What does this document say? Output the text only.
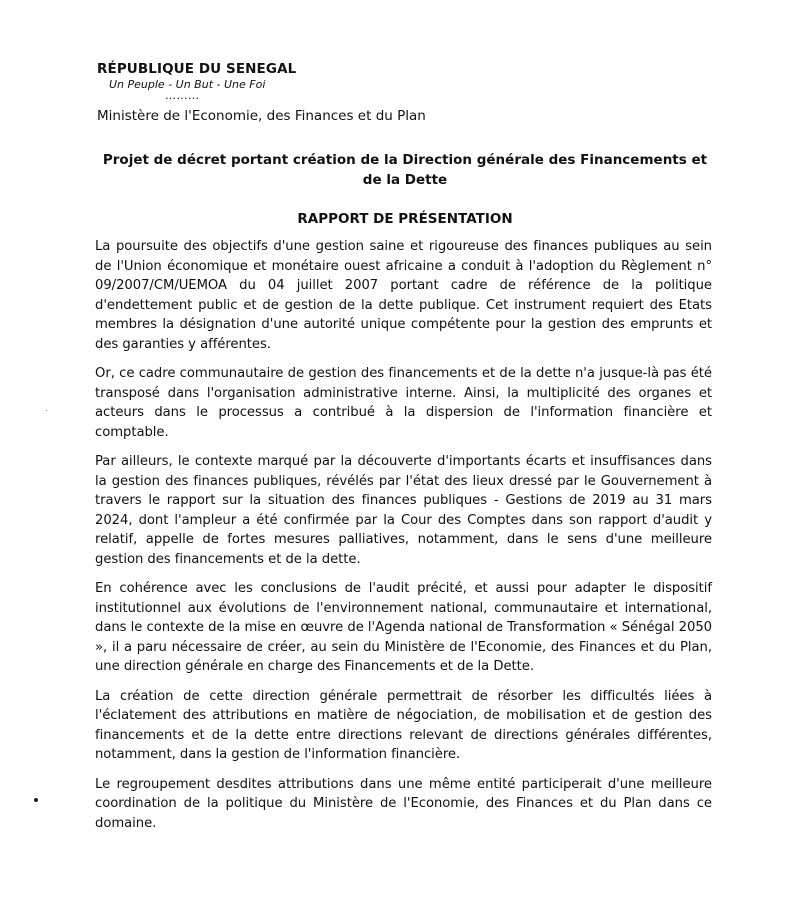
RÉPUBLIQUE DU SENEGAL
Un Peuple - Un But - Une Foi
………
Ministère de l'Economie, des Finances et du Plan
Projet de décret portant création de la Direction générale des Financements et de la Dette
RAPPORT DE PRÉSENTATION

La poursuite des objectifs d'une gestion saine et rigoureuse des finances publiques au sein de l'Union économique et monétaire ouest africaine a conduit à l'adoption du Règlement n° 09/2007/CM/UEMOA du 04 juillet 2007 portant cadre de référence de la politique d'endettement public et de gestion de la dette publique. Cet instrument requiert des Etats membres la désignation d'une autorité unique compétente pour la gestion des emprunts et des garanties y afférentes.

Or, ce cadre communautaire de gestion des financements et de la dette n'a jusque-là pas été transposé dans l'organisation administrative interne. Ainsi, la multiplicité des organes et acteurs dans le processus a contribué à la dispersion de l'information financière et comptable.

Par ailleurs, le contexte marqué par la découverte d'importants écarts et insuffisances dans la gestion des finances publiques, révélés par l'état des lieux dressé par le Gouvernement à travers le rapport sur la situation des finances publiques - Gestions de 2019 au 31 mars 2024, dont l'ampleur a été confirmée par la Cour des Comptes dans son rapport d'audit y relatif, appelle de fortes mesures palliatives, notamment, dans le sens d'une meilleure gestion des financements et de la dette.

En cohérence avec les conclusions de l'audit précité, et aussi pour adapter le dispositif institutionnel aux évolutions de l'environnement national, communautaire et international, dans le contexte de la mise en œuvre de l'Agenda national de Transformation « Sénégal 2050 », il a paru nécessaire de créer, au sein du Ministère de l'Economie, des Finances et du Plan, une direction générale en charge des Financements et de la Dette.

La création de cette direction générale permettrait de résorber les difficultés liées à l'éclatement des attributions en matière de négociation, de mobilisation et de gestion des financements et de la dette entre directions relevant de directions générales différentes, notamment, dans la gestion de l'information financière.

Le regroupement desdites attributions dans une même entité participerait d'une meilleure coordination de la politique du Ministère de l'Economie, des Finances et du Plan dans ce domaine.
